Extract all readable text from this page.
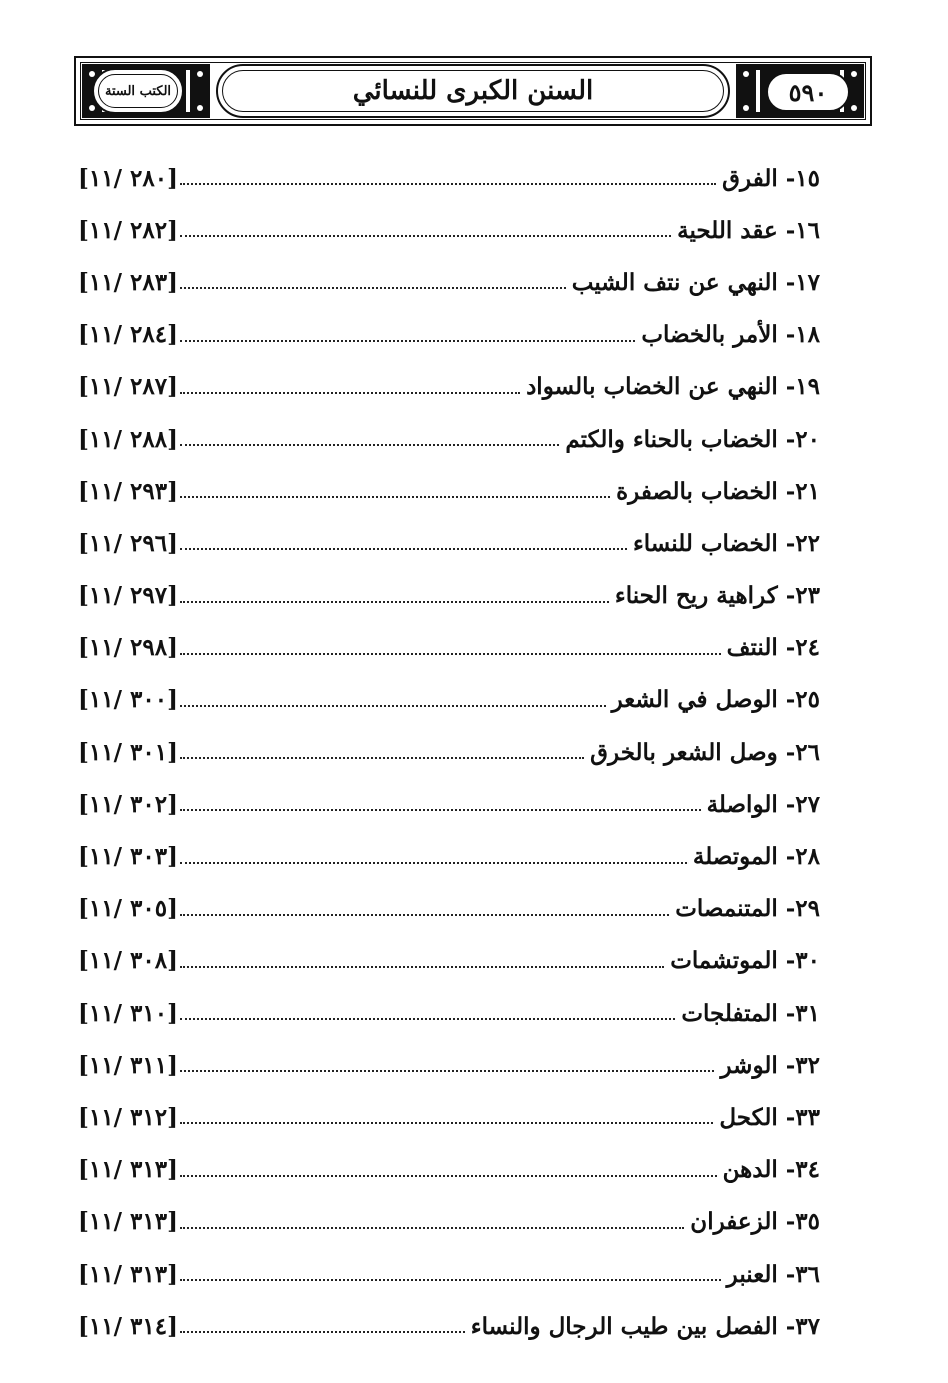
الكتب الستة	السنن الكبرى للنسائي	٥٩٠
١٥- الفرق
[٢٨٠ /١١]
١٦- عقد اللحية
[٢٨٢ /١١]
١٧- النهي عن نتف الشيب
[٢٨٣ /١١]
١٨- الأمر بالخضاب
[٢٨٤ /١١]
١٩- النهي عن الخضاب بالسواد
[٢٨٧ /١١]
٢٠- الخضاب بالحناء والكتم
[٢٨٨ /١١]
٢١- الخضاب بالصفرة
[٢٩٣ /١١]
٢٢- الخضاب للنساء
[٢٩٦ /١١]
٢٣- كراهية ريح الحناء
[٢٩٧ /١١]
٢٤- النتف
[٢٩٨ /١١]
٢٥- الوصل في الشعر
[٣٠٠ /١١]
٢٦- وصل الشعر بالخرق
[٣٠١ /١١]
٢٧- الواصلة
[٣٠٢ /١١]
٢٨- الموتصلة
[٣٠٣ /١١]
٢٩- المتنمصات
[٣٠٥ /١١]
٣٠- الموتشمات
[٣٠٨ /١١]
٣١- المتفلجات
[٣١٠ /١١]
٣٢- الوشر
[٣١١ /١١]
٣٣- الكحل
[٣١٢ /١١]
٣٤- الدهن
[٣١٣ /١١]
٣٥- الزعفران
[٣١٣ /١١]
٣٦- العنبر
[٣١٣ /١١]
٣٧- الفصل بين طيب الرجال والنساء
[٣١٤ /١١]
